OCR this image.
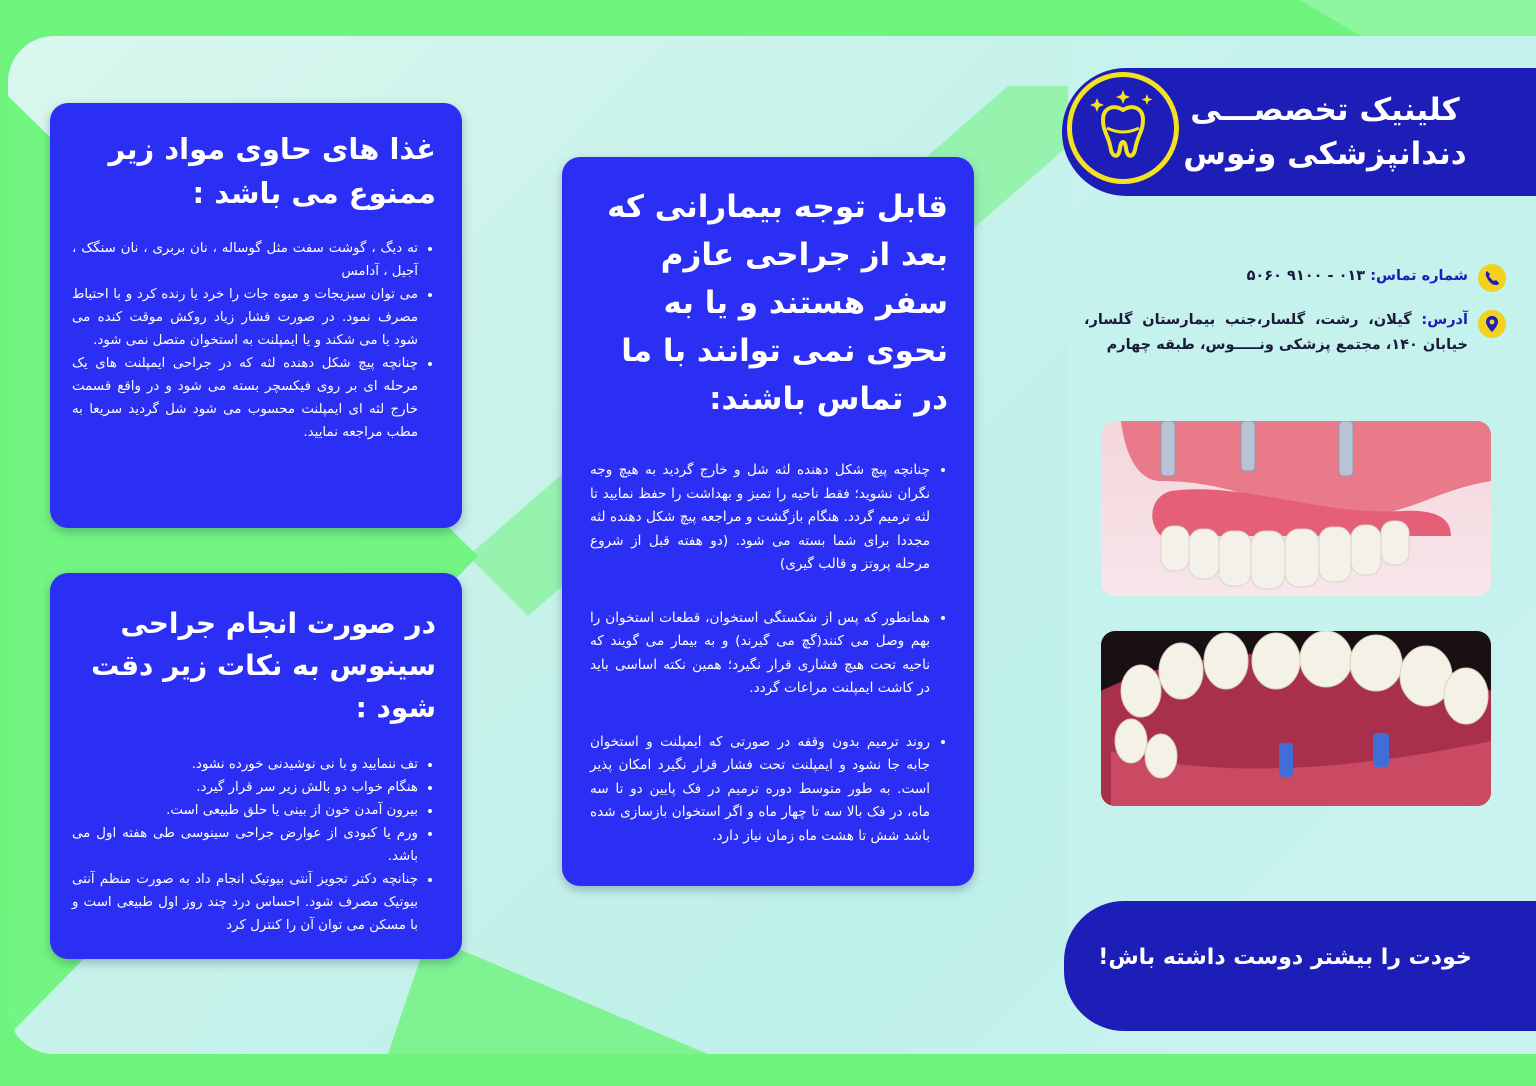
غذا های حاوی مواد زیر ممنوع می باشد :
• ته دیگ ، گوشت سفت مثل گوساله ، نان بربری ، نان سنگک ، آجیل ، آدامس
• می توان سبزیجات و میوه جات را خرد یا رنده کرد و با احتیاط مصرف نمود. در صورت فشار زیاد روکش موقت کنده می شود یا می شکند و یا ایمپلنت به استخوان متصل نمی شود.
• چنانچه پیچ شکل دهنده لثه که در جراحی ایمپلنت های یک مرحله ای بر روی فیکسچر بسته می شود و در واقع قسمت خارج لثه ای ایمپلنت محسوب می شود شل گردید سریعا به مطب مراجعه نمایید.
در صورت انجام جراحی سینوس به نکات زیر دقت شود :
• تف ننمایید و با نی نوشیدنی خورده نشود.
• هنگام خواب دو بالش زیر سر قرار گیرد.
• بیرون آمدن خون از بینی یا حلق طبیعی است.
• ورم یا کبودی از عوارض جراحی سینوسی طی هفته اول می باشد.
• چنانچه دکتر تجویز آنتی بیوتیک انجام داد به صورت منظم آنتی بیوتیک مصرف شود. احساس درد چند روز اول طبیعی است و با مسکن می توان آن را کنترل کرد
قابل توجه بیمارانی که بعد از جراحی عازم سفر هستند و یا به نحوی نمی توانند با ما در تماس باشند:
• چنانچه پیچ شکل دهنده لثه شل و خارج گردید به هیچ وجه نگران نشوید؛ فقط ناحیه را تمیز و بهداشت را حفظ نمایید تا لثه ترمیم گردد. هنگام بازگشت و مراجعه پیچ شکل دهنده لثه مجددا برای شما بسته می شود. (دو هفته قبل از شروع مرحله پروتز و قالب گیری)
• همانطور که پس از شکستگی استخوان، قطعات استخوان را بهم وصل می کنند(گچ می گیرند) و به بیمار می گویند که ناحیه تحت هیچ فشاری قرار نگیرد؛ همین نکته اساسی باید در کاشت ایمپلنت مراعات گردد.
• روند ترمیم بدون وقفه در صورتی که ایمپلنت و استخوان جابه جا نشود و ایمپلنت تحت فشار قرار نگیرد امکان پذیر است. به طور متوسط دوره ترمیم در فک پایین دو تا سه ماه، در فک بالا سه تا چهار ماه و اگر استخوان بازسازی شده باشد شش تا هشت ماه زمان نیاز دارد.
کلینیک تخصصـــی
دندانپزشکی ونوس
شماره تماس: ۰۱۳ - ۹۱۰۰ ۵۰۶۰
آدرس: گیلان، رشت، گلسار،جنب بیمارستان گلسار، خیابان ۱۴۰، مجتمع پزشکی ونـــــوس، طبقه چهارم
خودت را بیشتر دوست داشته باش!
